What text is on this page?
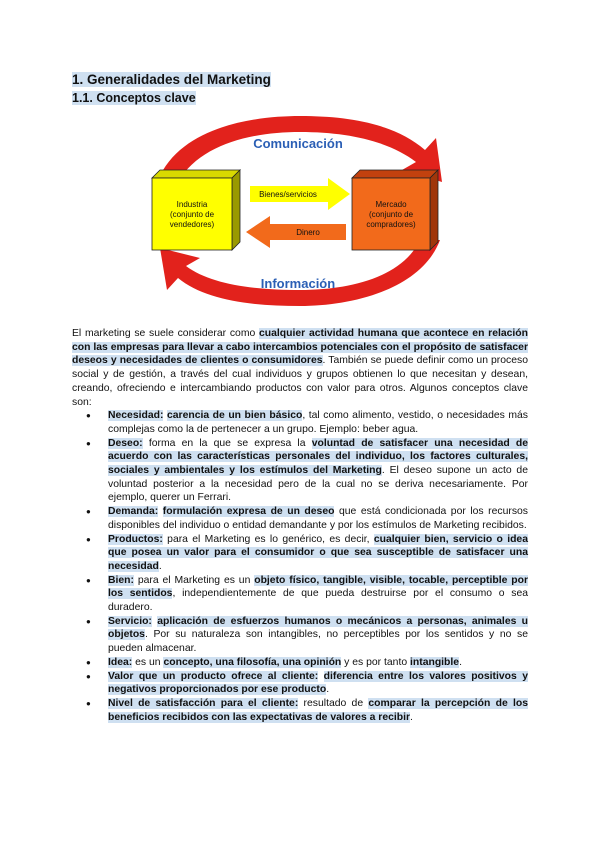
1. Generalidades del Marketing
1.1. Conceptos clave
Industria
(conjunto de
vendedores)
Mercado
(conjunto de
compradores)
Bienes/servicios
Dinero
Comunicación
Información

El marketing se suele considerar como cualquier actividad humana que acontece en relación con las empresas para llevar a cabo intercambios potenciales con el propósito de satisfacer deseos y necesidades de clientes o consumidores. También se puede definir como un proceso social y de gestión, a través del cual individuos y grupos obtienen lo que necesitan y desean, creando, ofreciendo e intercambiando productos con valor para otros. Algunos conceptos clave son:

● Necesidad: carencia de un bien básico, tal como alimento, vestido, o necesidades más complejas como la de pertenecer a un grupo. Ejemplo: beber agua.
● Deseo: forma en la que se expresa la voluntad de satisfacer una necesidad de acuerdo con las características personales del individuo, los factores culturales, sociales y ambientales y los estímulos del Marketing. El deseo supone un acto de voluntad posterior a la necesidad pero de la cual no se deriva necesariamente. Por ejemplo, querer un Ferrari.
● Demanda: formulación expresa de un deseo que está condicionada por los recursos disponibles del individuo o entidad demandante y por los estímulos de Marketing recibidos.
● Productos: para el Marketing es lo genérico, es decir, cualquier bien, servicio o idea que posea un valor para el consumidor o que sea susceptible de satisfacer una necesidad.
● Bien: para el Marketing es un objeto físico, tangible, visible, tocable, perceptible por los sentidos, independientemente de que pueda destruirse por el consumo o sea duradero.
● Servicio: aplicación de esfuerzos humanos o mecánicos a personas, animales u objetos. Por su naturaleza son intangibles, no perceptibles por los sentidos y no se pueden almacenar.
● Idea: es un concepto, una filosofía, una opinión y es por tanto intangible.
● Valor que un producto ofrece al cliente: diferencia entre los valores positivos y negativos proporcionados por ese producto.
● Nivel de satisfacción para el cliente: resultado de comparar la percepción de los beneficios recibidos con las expectativas de valores a recibir.
